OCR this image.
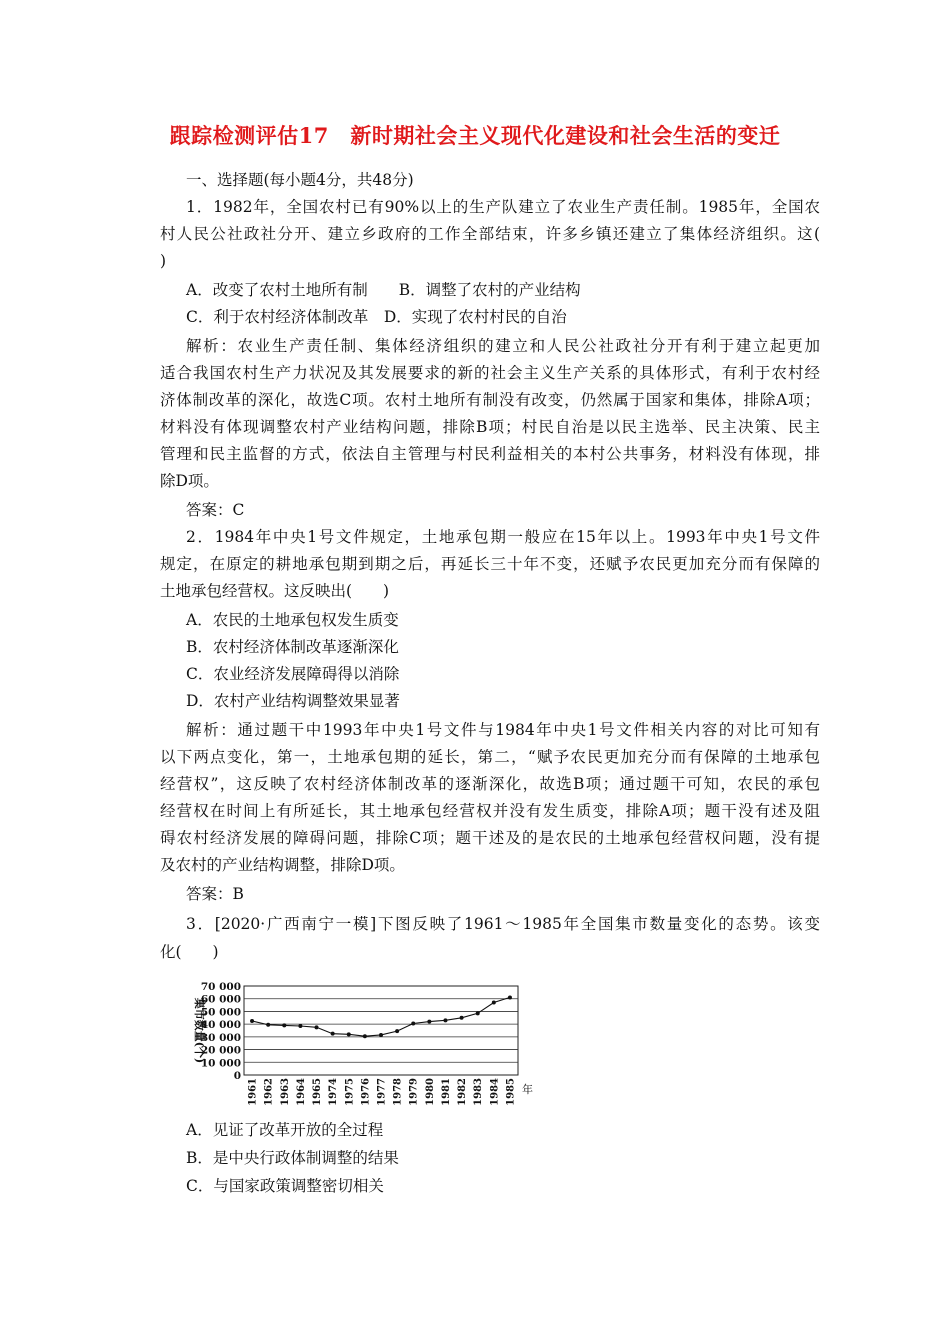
跟踪检测评估17　新时期社会主义现代化建设和社会生活的变迁
一、选择题(每小题4分，共48分)
1．1982年，全国农村已有90%以上的生产队建立了农业生产责任制。1985年，全国农
村人民公社政社分开、建立乡政府的工作全部结束，许多乡镇还建立了集体经济组织。这(
)
A．改变了农村土地所有制　　B．调整了农村的产业结构
C．利于农村经济体制改革　D．实现了农村村民的自治
解析：农业生产责任制、集体经济组织的建立和人民公社政社分开有利于建立起更加
适合我国农村生产力状况及其发展要求的新的社会主义生产关系的具体形式，有利于农村经
济体制改革的深化，故选C项。农村土地所有制没有改变，仍然属于国家和集体，排除A项；
材料没有体现调整农村产业结构问题，排除B项；村民自治是以民主选举、民主决策、民主
管理和民主监督的方式，依法自主管理与村民利益相关的本村公共事务，材料没有体现，排
除D项。
答案：C
2．1984年中央1号文件规定，土地承包期一般应在15年以上。1993年中央1号文件
规定，在原定的耕地承包期到期之后，再延长三十年不变，还赋予农民更加充分而有保障的
土地承包经营权。这反映出(　　)
A．农民的土地承包权发生质变
B．农村经济体制改革逐渐深化
C．农业经济发展障碍得以消除
D．农村产业结构调整效果显著
解析：通过题干中1993年中央1号文件与1984年中央1号文件相关内容的对比可知有
以下两点变化，第一，土地承包期的延长，第二，“赋予农民更加充分而有保障的土地承包
经营权”，这反映了农村经济体制改革的逐渐深化，故选B项；通过题干可知，农民的承包
经营权在时间上有所延长，其土地承包经营权并没有发生质变，排除A项；题干没有述及阻
碍农村经济发展的障碍问题，排除C项；题干述及的是农民的土地承包经营权问题，没有提
及农村的产业结构调整，排除D项。
答案：B
3．[2020·广西南宁一模]下图反映了1961～1985年全国集市数量变化的态势。该变
化(　　)
0
10 000
20 000
30 000
40 000
50 000
60 000
70 000
集市数量(个)
1961 1962 1963 1964 1965 1974 1975 1976 1977 1978 1979 1980 1981 1982 1983 1984 1985 年
A．见证了改革开放的全过程
B．是中央行政体制调整的结果
C．与国家政策调整密切相关
